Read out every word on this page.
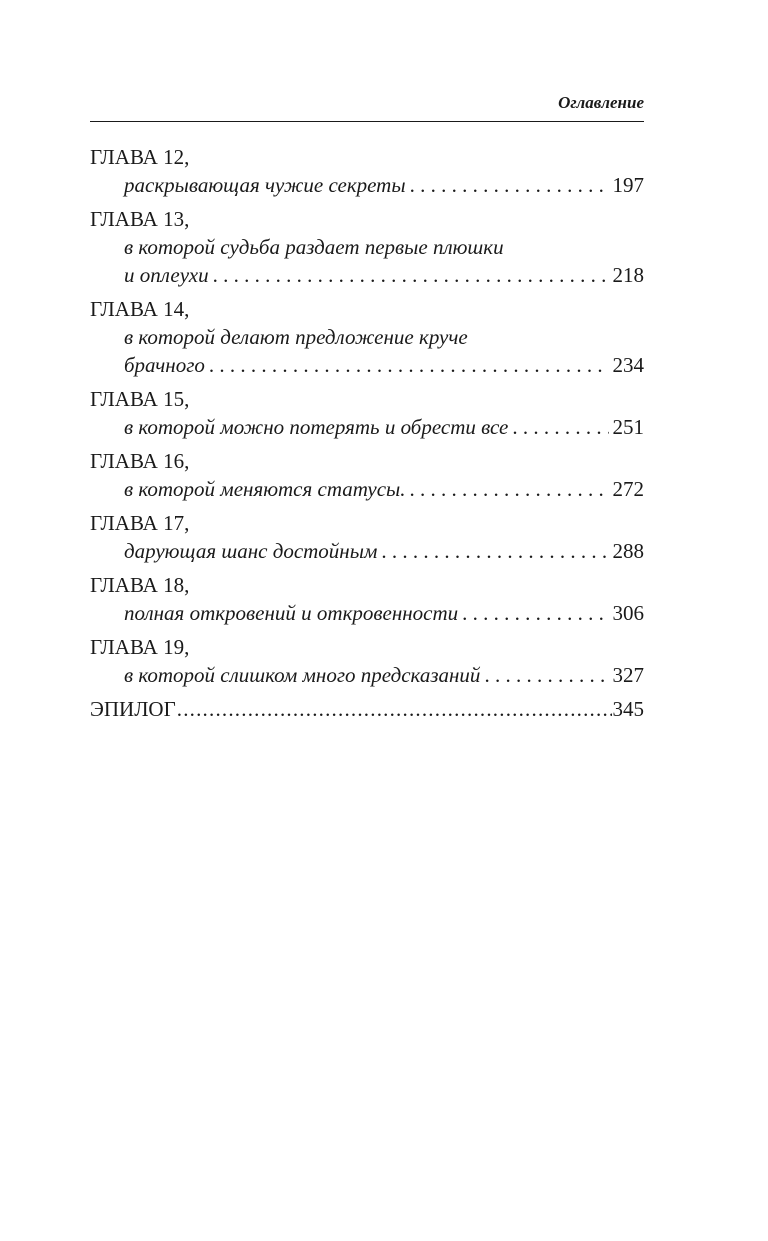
Оглавление
ГЛАВА 12,
раскрывающая чужие секреты . . .	197
ГЛАВА 13,
в которой судьба раздает первые плюшки
и оплеухи . . .	218
ГЛАВА 14,
в которой делают предложение круче
брачного . . .	234
ГЛАВА 15,
в которой можно потерять и обрести все . . .	251
ГЛАВА 16,
в которой меняются статусы. . . .	272
ГЛАВА 17,
дарующая шанс достойным . . .	288
ГЛАВА 18,
полная откровений и откровенности . . .	306
ГЛАВА 19,
в которой слишком много предсказаний . . .	327
ЭПИЛОГ .....	345
